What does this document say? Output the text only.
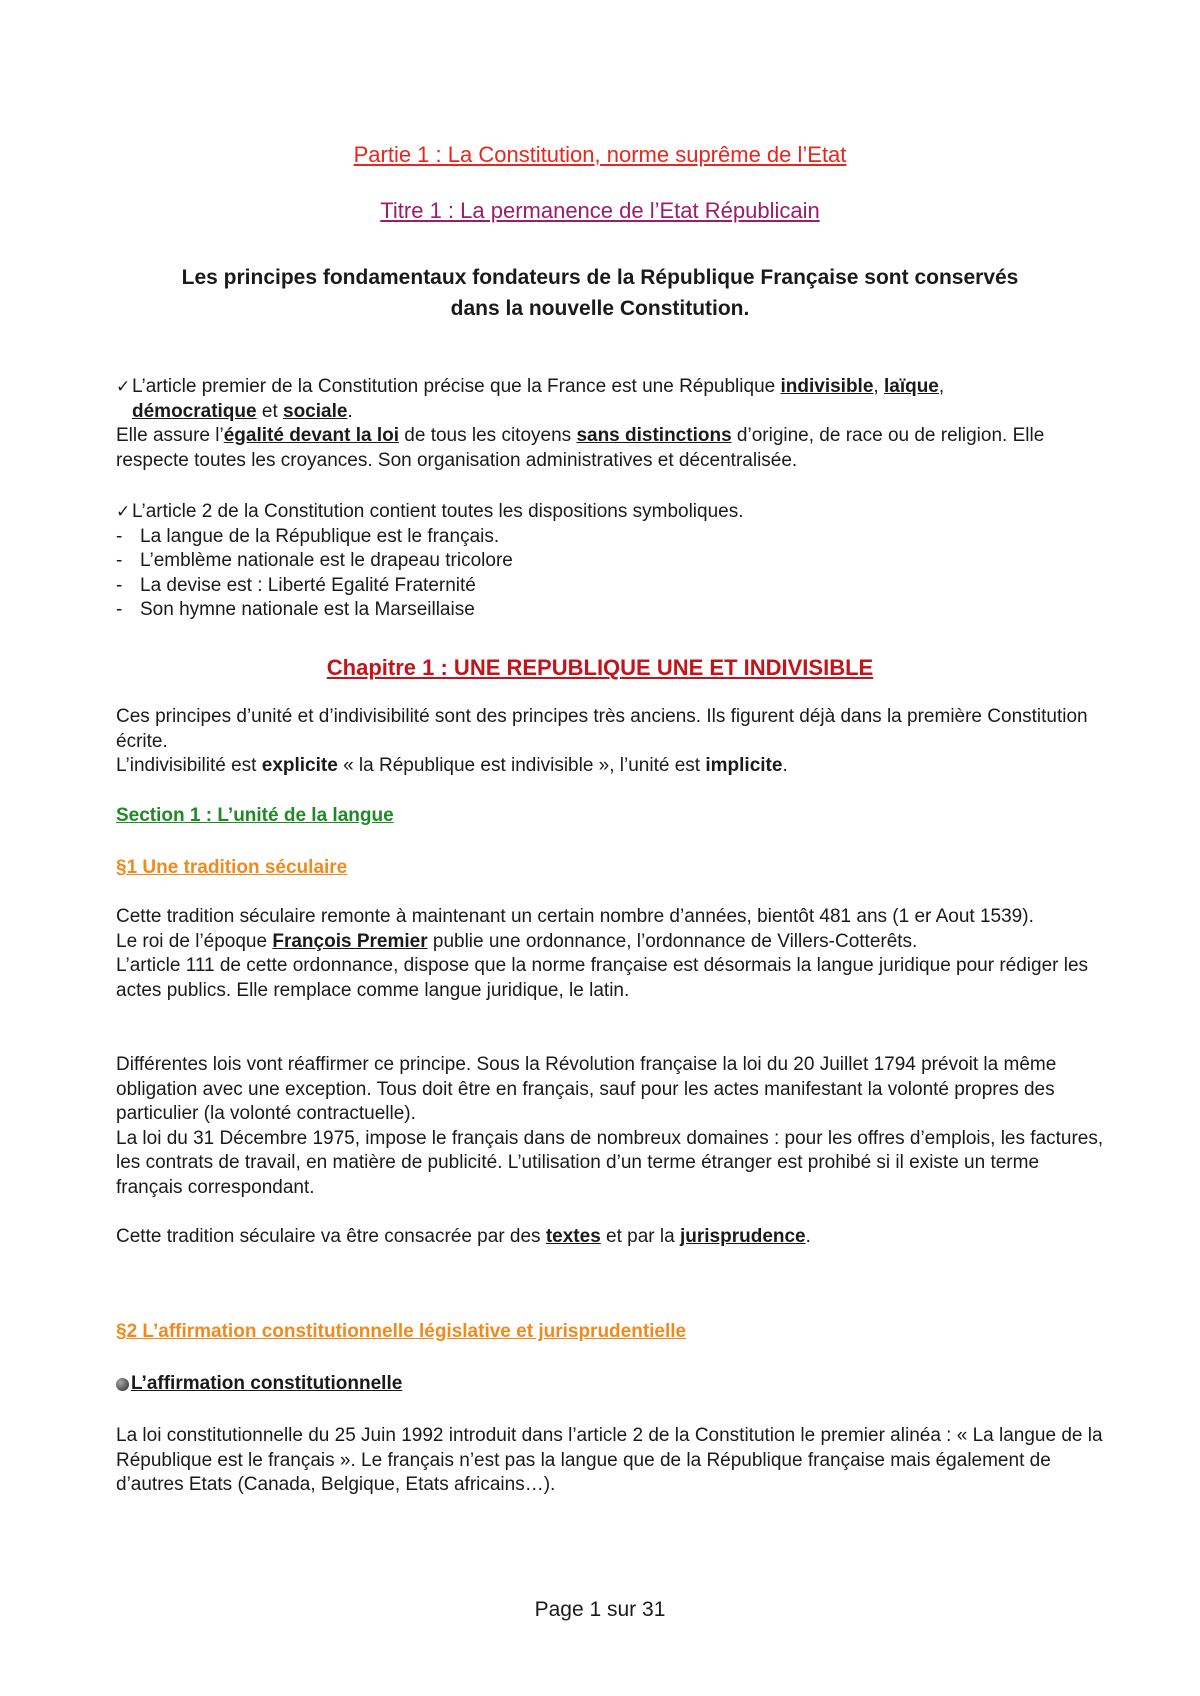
Partie 1 : La Constitution, norme suprême de l’Etat
Titre 1 : La permanence de l’Etat Républicain
Les principes fondamentaux fondateurs de la République Française sont conservés
dans la nouvelle Constitution.

✓L’article premier de la Constitution précise que la France est une République indivisible, laïque,

démocratique et sociale.

Elle assure l’égalité devant la loi de tous les citoyens sans distinctions d’origine, de race ou de religion. Elle respecte toutes les croyances. Son organisation administratives et décentralisée.

✓L’article 2 de la Constitution contient toutes les dispositions symboliques.

- La langue de la République est le français.
- L’emblème nationale est le drapeau tricolore
- La devise est : Liberté Egalité Fraternité
- Son hymne nationale est la Marseillaise
Chapitre 1 : UNE REPUBLIQUE UNE ET INDIVISIBLE

Ces principes d’unité et d’indivisibilité sont des principes très anciens. Ils figurent déjà dans la première Constitution écrite.

L’indivisibilité est explicite « la République est indivisible », l’unité est implicite.

Section 1 : L’unité de la langue
§1 Une tradition séculaire

Cette tradition séculaire remonte à maintenant un certain nombre d’années, bientôt 481 ans (1 er Aout 1539).

Le roi de l’époque François Premier publie une ordonnance, l’ordonnance de Villers-Cotterêts.

L’article 111 de cette ordonnance, dispose que la norme française est désormais la langue juridique pour rédiger les actes publics. Elle remplace comme langue juridique, le latin.

Différentes lois vont réaffirmer ce principe. Sous la Révolution française la loi du 20 Juillet 1794 prévoit la même obligation avec une exception. Tous doit être en français, sauf pour les actes manifestant la volonté propres des particulier (la volonté contractuelle).

La loi du 31 Décembre 1975, impose le français dans de nombreux domaines : pour les offres d’emplois, les factures, les contrats de travail, en matière de publicité. L’utilisation d’un terme étranger est prohibé si il existe un terme français correspondant.

Cette tradition séculaire va être consacrée par des textes et par la jurisprudence.

§2 L’affirmation constitutionnelle législative et jurisprudentielle
L’affirmation constitutionnelle

La loi constitutionnelle du 25 Juin 1992 introduit dans l’article 2 de la Constitution le premier alinéa : « La langue de la République est le français ». Le français n’est pas la langue que de la République française mais également de d’autres Etats (Canada, Belgique, Etats africains…).

Page 1 sur 31
